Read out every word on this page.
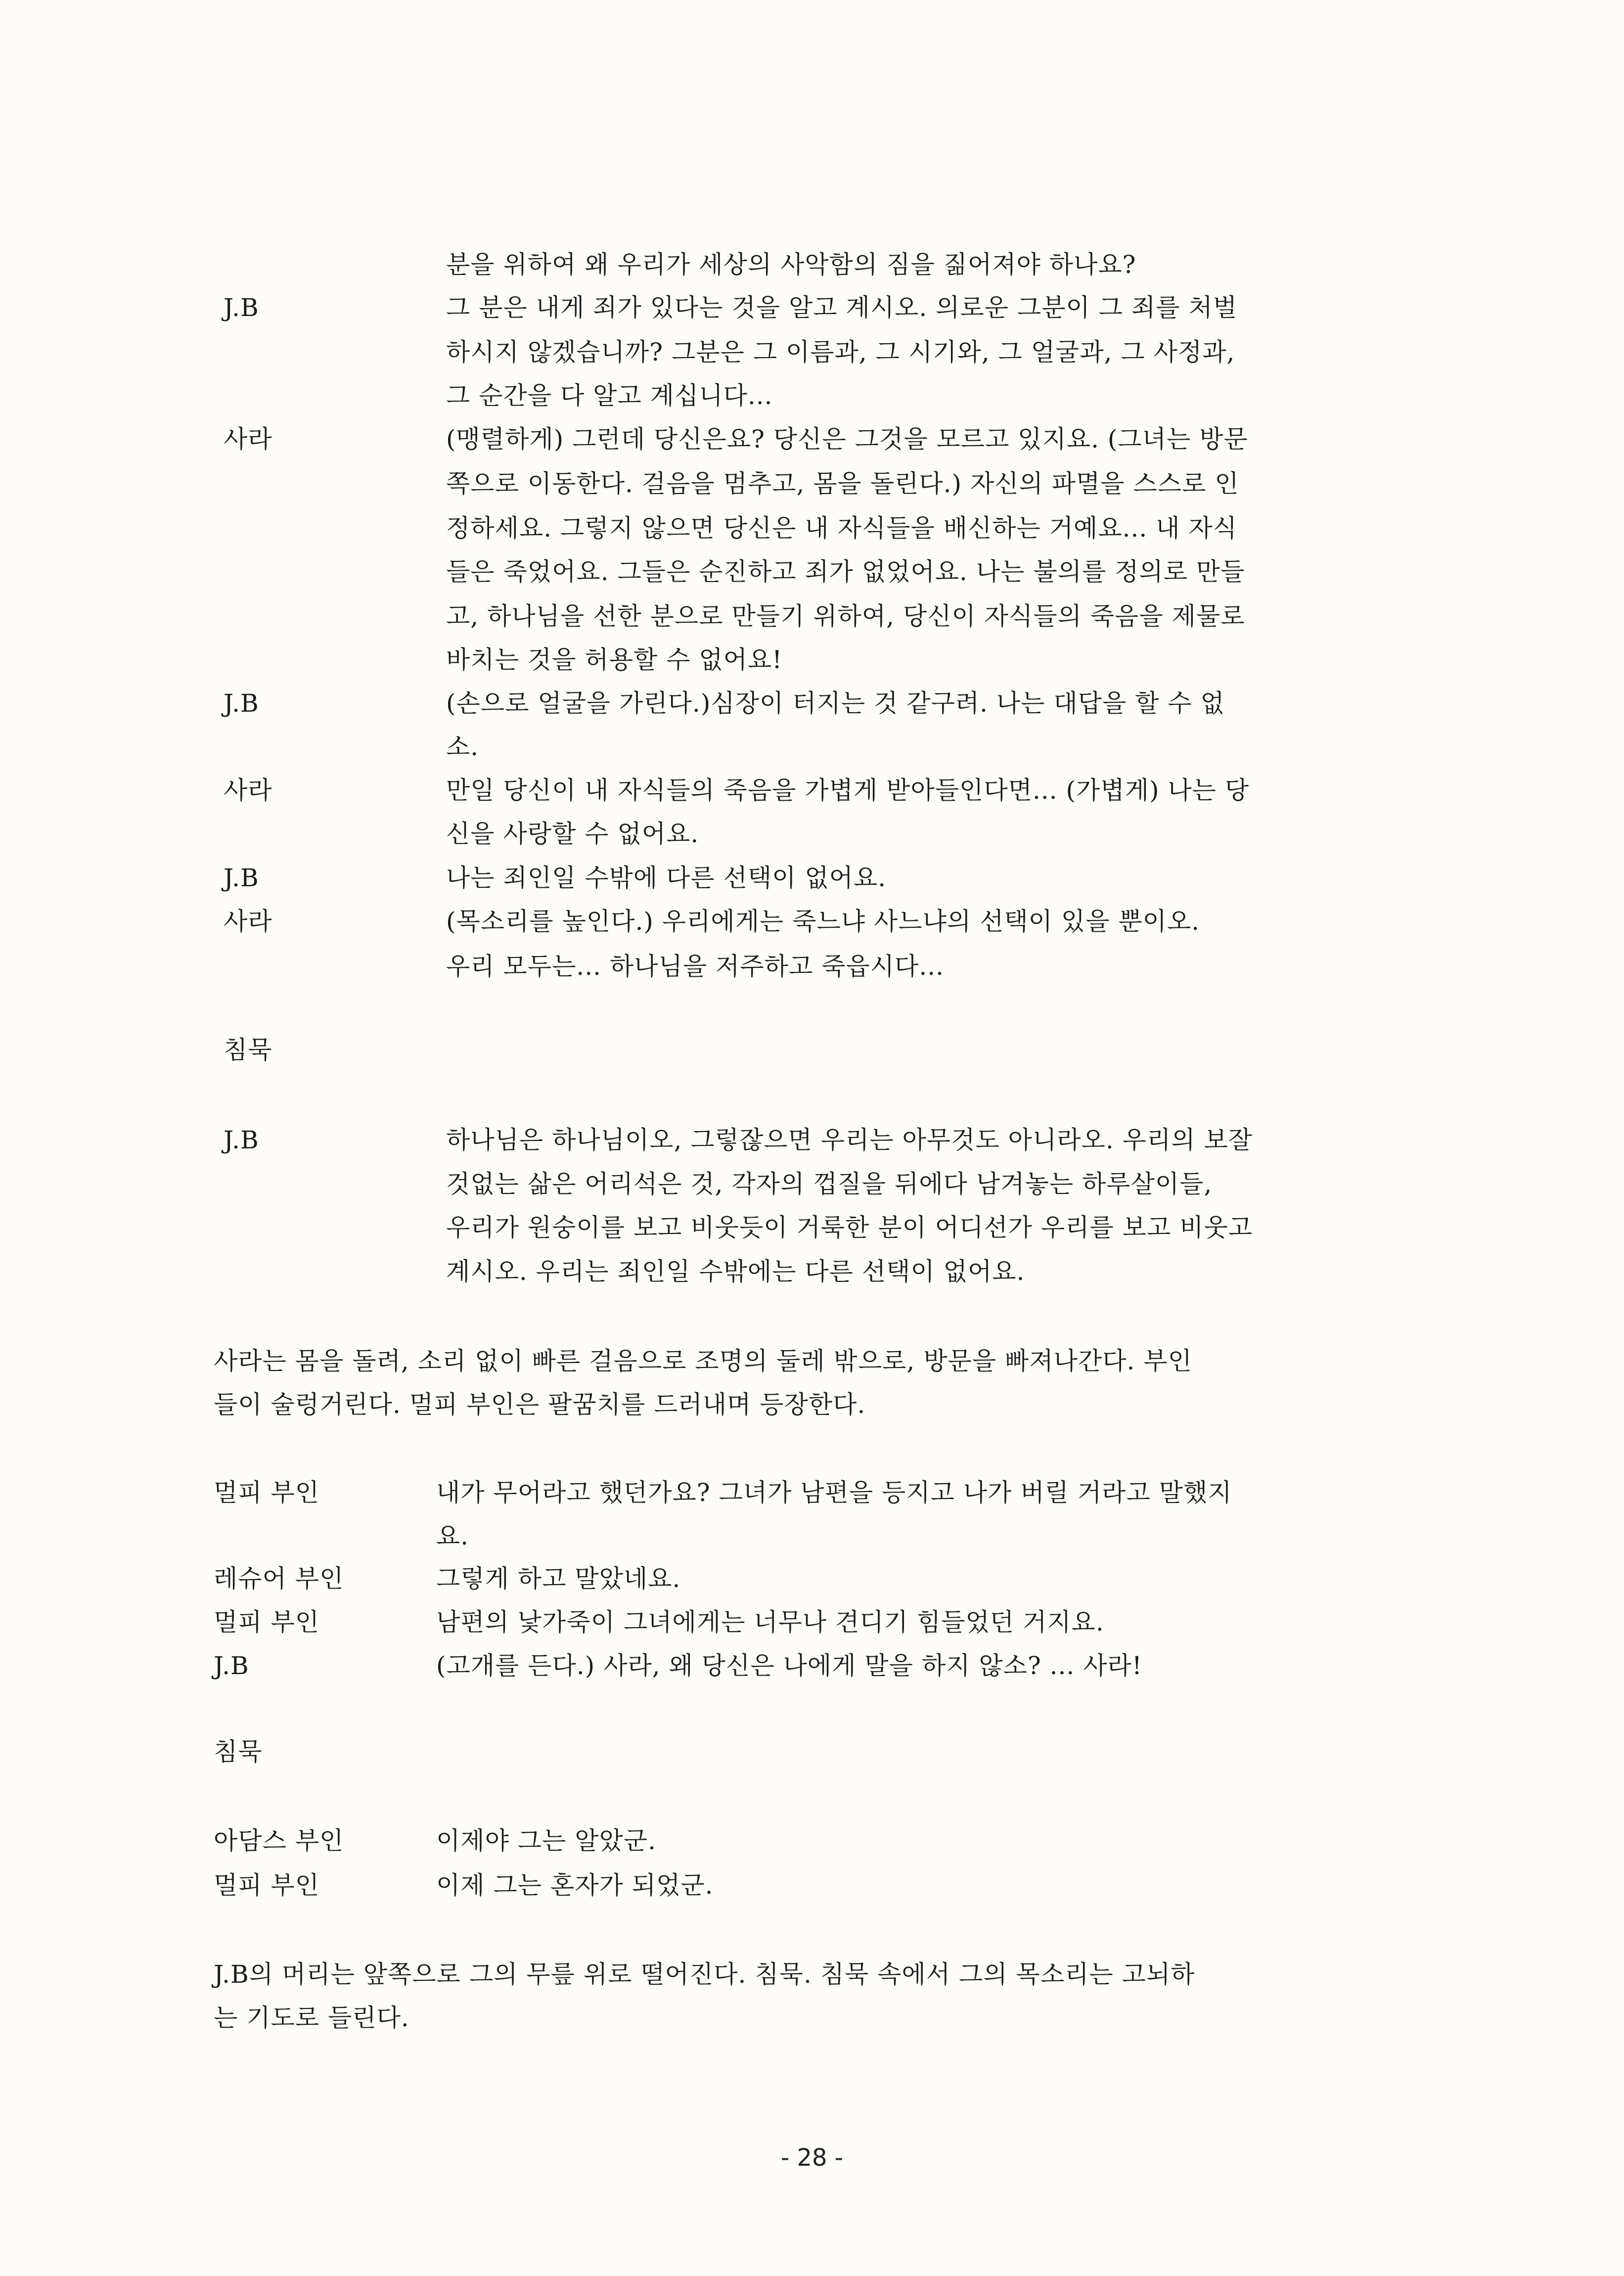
분을 위하여 왜 우리가 세상의 사악함의 짐을 짊어져야 하나요?
J.B	그 분은 내게 죄가 있다는 것을 알고 계시오. 의로운 그분이 그 죄를 처벌
하시지 않겠습니까? 그분은 그 이름과, 그 시기와, 그 얼굴과, 그 사정과,
그 순간을 다 알고 계십니다...
사라	(맹렬하게) 그런데 당신은요? 당신은 그것을 모르고 있지요. (그녀는 방문
쪽으로 이동한다. 걸음을 멈추고, 몸을 돌린다.) 자신의 파멸을 스스로 인
정하세요. 그렇지 않으면 당신은 내 자식들을 배신하는 거예요... 내 자식
들은 죽었어요. 그들은 순진하고 죄가 없었어요. 나는 불의를 정의로 만들
고, 하나님을 선한 분으로 만들기 위하여, 당신이 자식들의 죽음을 제물로
바치는 것을 허용할 수 없어요!
J.B	(손으로 얼굴을 가린다.)심장이 터지는 것 같구려. 나는 대답을 할 수 없
소.
사라	만일 당신이 내 자식들의 죽음을 가볍게 받아들인다면... (가볍게) 나는 당
신을 사랑할 수 없어요.
J.B	나는 죄인일 수밖에 다른 선택이 없어요.
사라	(목소리를 높인다.) 우리에게는 죽느냐 사느냐의 선택이 있을 뿐이오.
우리 모두는... 하나님을 저주하고 죽읍시다...
침묵
J.B	하나님은 하나님이오, 그렇잖으면 우리는 아무것도 아니라오. 우리의 보잘
것없는 삶은 어리석은 것, 각자의 껍질을 뒤에다 남겨놓는 하루살이들,
우리가 원숭이를 보고 비웃듯이 거룩한 분이 어디선가 우리를 보고 비웃고
계시오. 우리는 죄인일 수밖에는 다른 선택이 없어요.
사라는 몸을 돌려, 소리 없이 빠른 걸음으로 조명의 둘레 밖으로, 방문을 빠져나간다. 부인
들이 술렁거린다. 멀피 부인은 팔꿈치를 드러내며 등장한다.
멀피 부인	내가 무어라고 했던가요? 그녀가 남편을 등지고 나가 버릴 거라고 말했지
요.
레슈어 부인	그렇게 하고 말았네요.
멀피 부인	남편의 낯가죽이 그녀에게는 너무나 견디기 힘들었던 거지요.
J.B	(고개를 든다.) 사라, 왜 당신은 나에게 말을 하지 않소? ... 사라!
침묵
아담스 부인	이제야 그는 알았군.
멀피 부인	이제 그는 혼자가 되었군.
J.B의 머리는 앞쪽으로 그의 무릎 위로 떨어진다. 침묵. 침묵 속에서 그의 목소리는 고뇌하
는 기도로 들린다.
- 28 -
